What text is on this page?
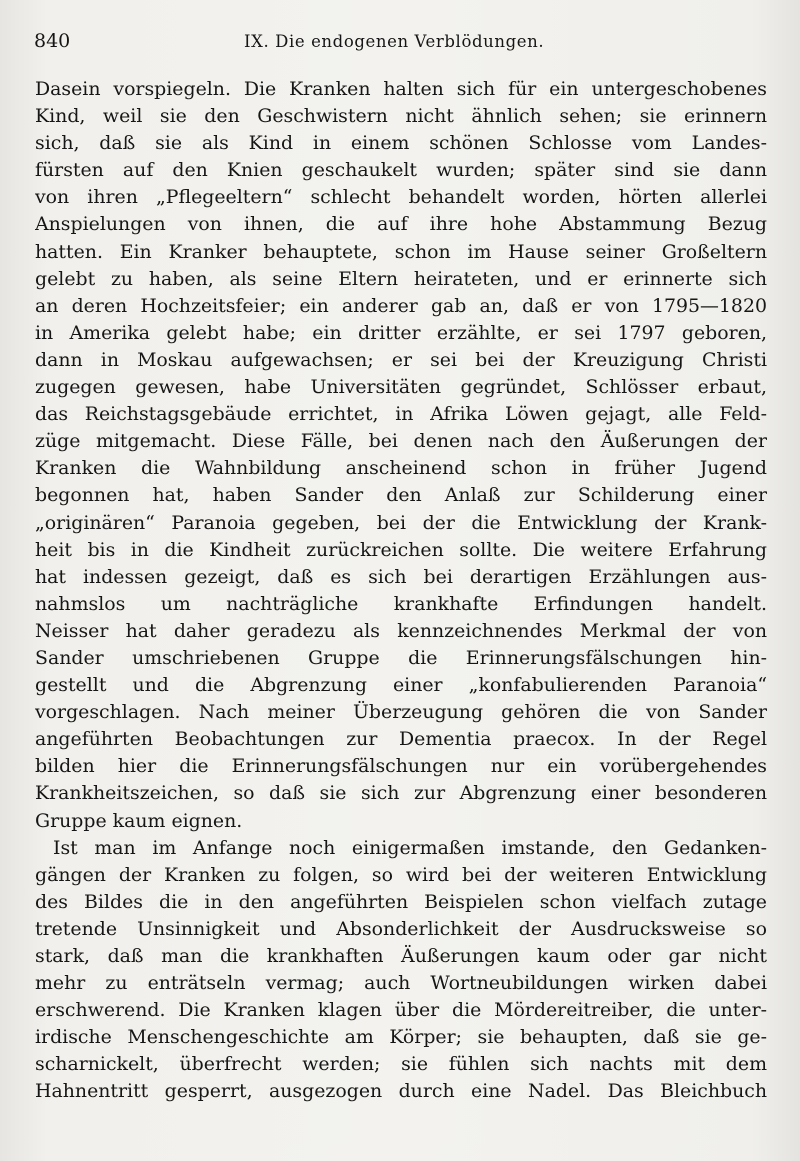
840	IX. Die endogenen Verblödungen.
Dasein vorspiegeln. Die Kranken halten sich für ein untergeschobenes
Kind, weil sie den Geschwistern nicht ähnlich sehen; sie erinnern
sich, daß sie als Kind in einem schönen Schlosse vom Landes-
fürsten auf den Knien geschaukelt wurden; später sind sie dann
von ihren „Pflegeeltern“ schlecht behandelt worden, hörten allerlei
Anspielungen von ihnen, die auf ihre hohe Abstammung Bezug
hatten. Ein Kranker behauptete, schon im Hause seiner Großeltern
gelebt zu haben, als seine Eltern heirateten, und er erinnerte sich
an deren Hochzeitsfeier; ein anderer gab an, daß er von 1795—1820
in Amerika gelebt habe; ein dritter erzählte, er sei 1797 geboren,
dann in Moskau aufgewachsen; er sei bei der Kreuzigung Christi
zugegen gewesen, habe Universitäten gegründet, Schlösser erbaut,
das Reichstagsgebäude errichtet, in Afrika Löwen gejagt, alle Feld-
züge mitgemacht. Diese Fälle, bei denen nach den Äußerungen der
Kranken die Wahnbildung anscheinend schon in früher Jugend
begonnen hat, haben Sander den Anlaß zur Schilderung einer
„originären“ Paranoia gegeben, bei der die Entwicklung der Krank-
heit bis in die Kindheit zurückreichen sollte. Die weitere Erfahrung
hat indessen gezeigt, daß es sich bei derartigen Erzählungen aus-
nahmslos um nachträgliche krankhafte Erfindungen handelt.
Neisser hat daher geradezu als kennzeichnendes Merkmal der von
Sander umschriebenen Gruppe die Erinnerungsfälschungen hin-
gestellt und die Abgrenzung einer „konfabulierenden Paranoia“
vorgeschlagen. Nach meiner Überzeugung gehören die von Sander
angeführten Beobachtungen zur Dementia praecox. In der Regel
bilden hier die Erinnerungsfälschungen nur ein vorübergehendes
Krankheitszeichen, so daß sie sich zur Abgrenzung einer besonderen
Gruppe kaum eignen.
Ist man im Anfange noch einigermaßen imstande, den Gedanken-
gängen der Kranken zu folgen, so wird bei der weiteren Entwicklung
des Bildes die in den angeführten Beispielen schon vielfach zutage
tretende Unsinnigkeit und Absonderlichkeit der Ausdrucksweise so
stark, daß man die krankhaften Äußerungen kaum oder gar nicht
mehr zu enträtseln vermag; auch Wortneubildungen wirken dabei
erschwerend. Die Kranken klagen über die Mördereitreiber, die unter-
irdische Menschengeschichte am Körper; sie behaupten, daß sie ge-
scharnickelt, überfrecht werden; sie fühlen sich nachts mit dem
Hahnentritt gesperrt, ausgezogen durch eine Nadel. Das Bleichbuch
